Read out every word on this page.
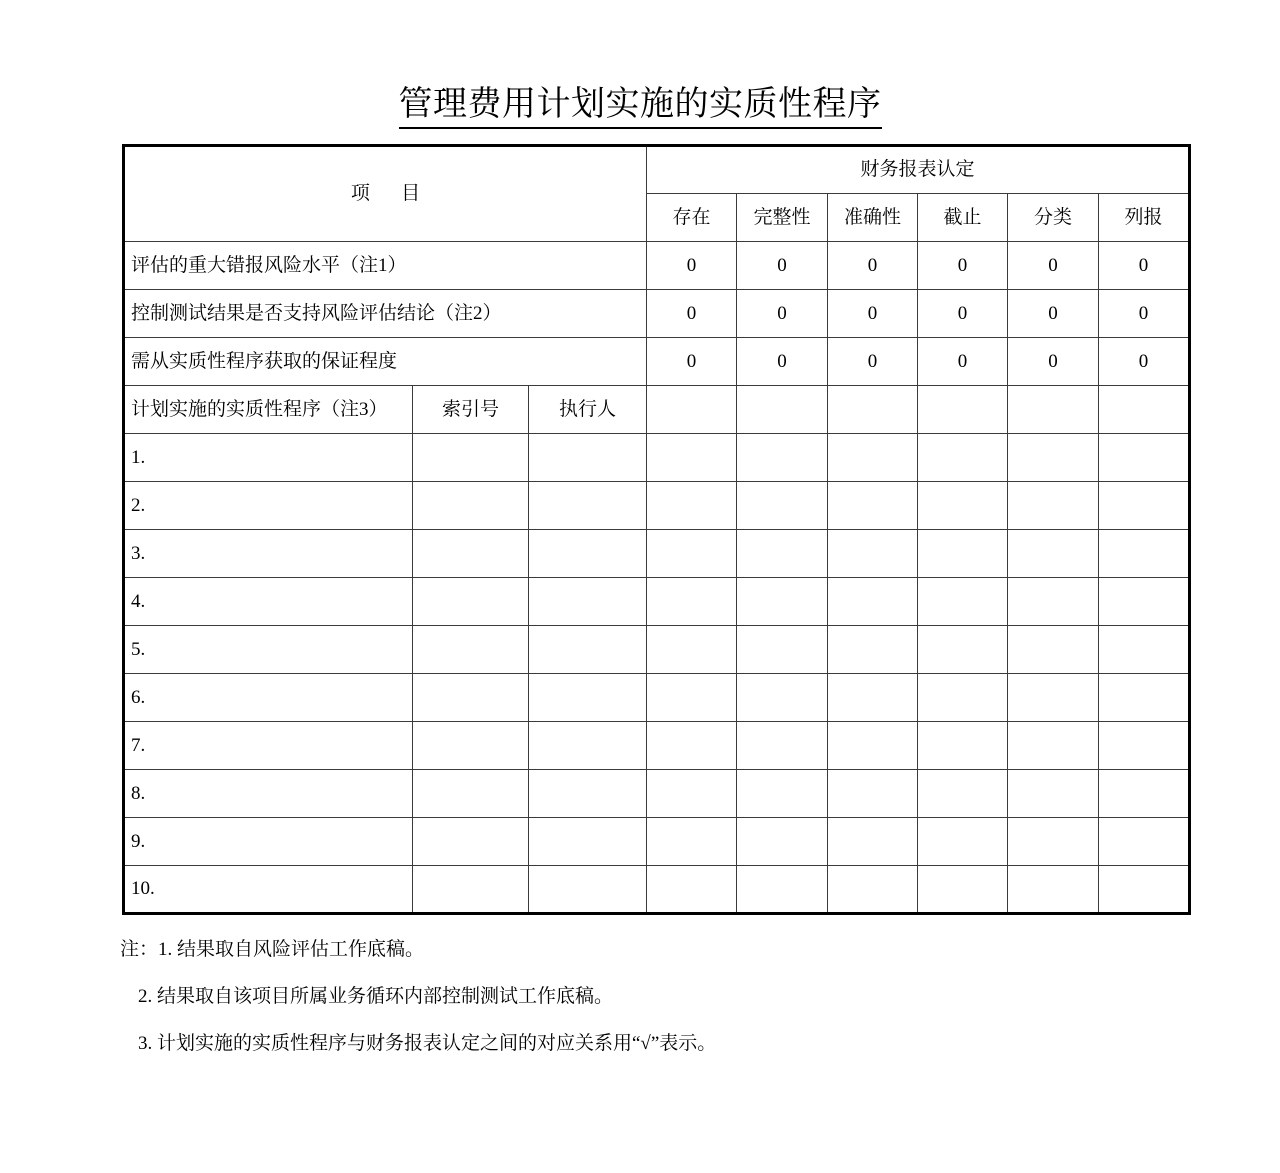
管理费用计划实施的实质性程序
项　目			财务报表认定					
			存在	完整性	准确性	截止	分类	列报
评估的重大错报风险水平（注1）			0	0	0	0	0	0
控制测试结果是否支持风险评估结论（注2）			0	0	0	0	0	0
需从实质性程序获取的保证程度			0	0	0	0	0	0
计划实施的实质性程序（注3）	索引号	执行人						
1.								
2.								
3.								
4.								
5.								
6.								
7.								
8.								
9.								
10.								
注：1. 结果取自风险评估工作底稿。
2. 结果取自该项目所属业务循环内部控制测试工作底稿。
3. 计划实施的实质性程序与财务报表认定之间的对应关系用“√”表示。
